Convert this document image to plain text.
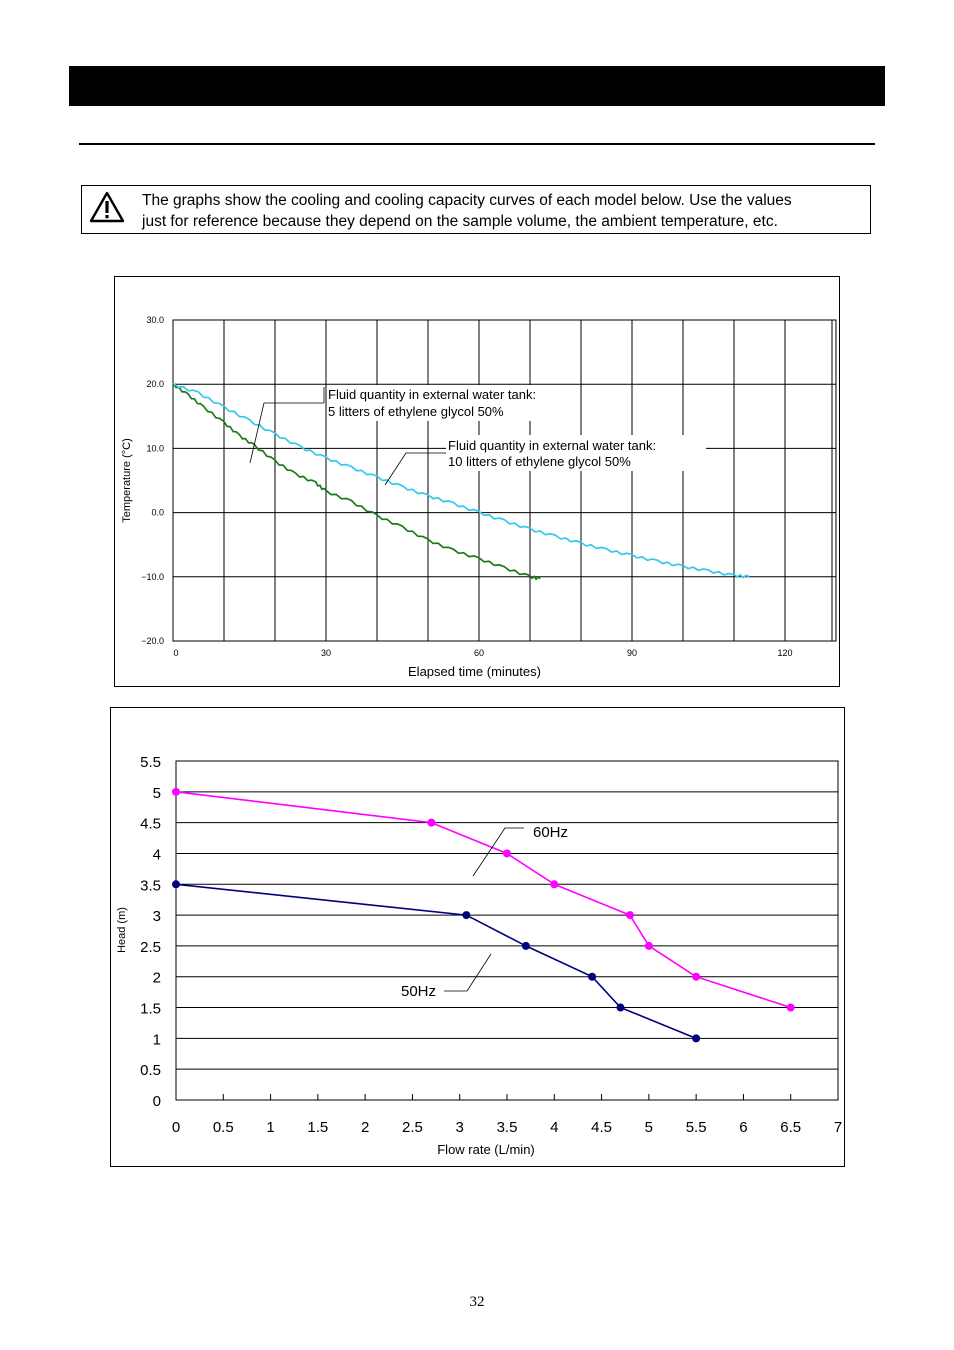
The graphs show the cooling and cooling capacity curves of each model below. Use the values
just for reference because they depend on the sample volume, the ambient temperature, etc.
30.0
20.0
10.0
0.0
−10.0
−20.0
0	30	60	90	120
Elapsed time (minutes)
Temperature (°C)
Fluid quantity in external water tank:
5 litters of ethylene glycol 50%
Fluid quantity in external water tank:
10 litters of ethylene glycol 50%
5.5
5
4.5
4
3.5
3
2.5
2
1.5
1
0.5
0
0 0.5 1 1.5 2 2.5 3 3.5 4 4.5 5 5.5 6 6.5 7
Flow rate (L/min)
Head (m)
60Hz
50Hz
32
